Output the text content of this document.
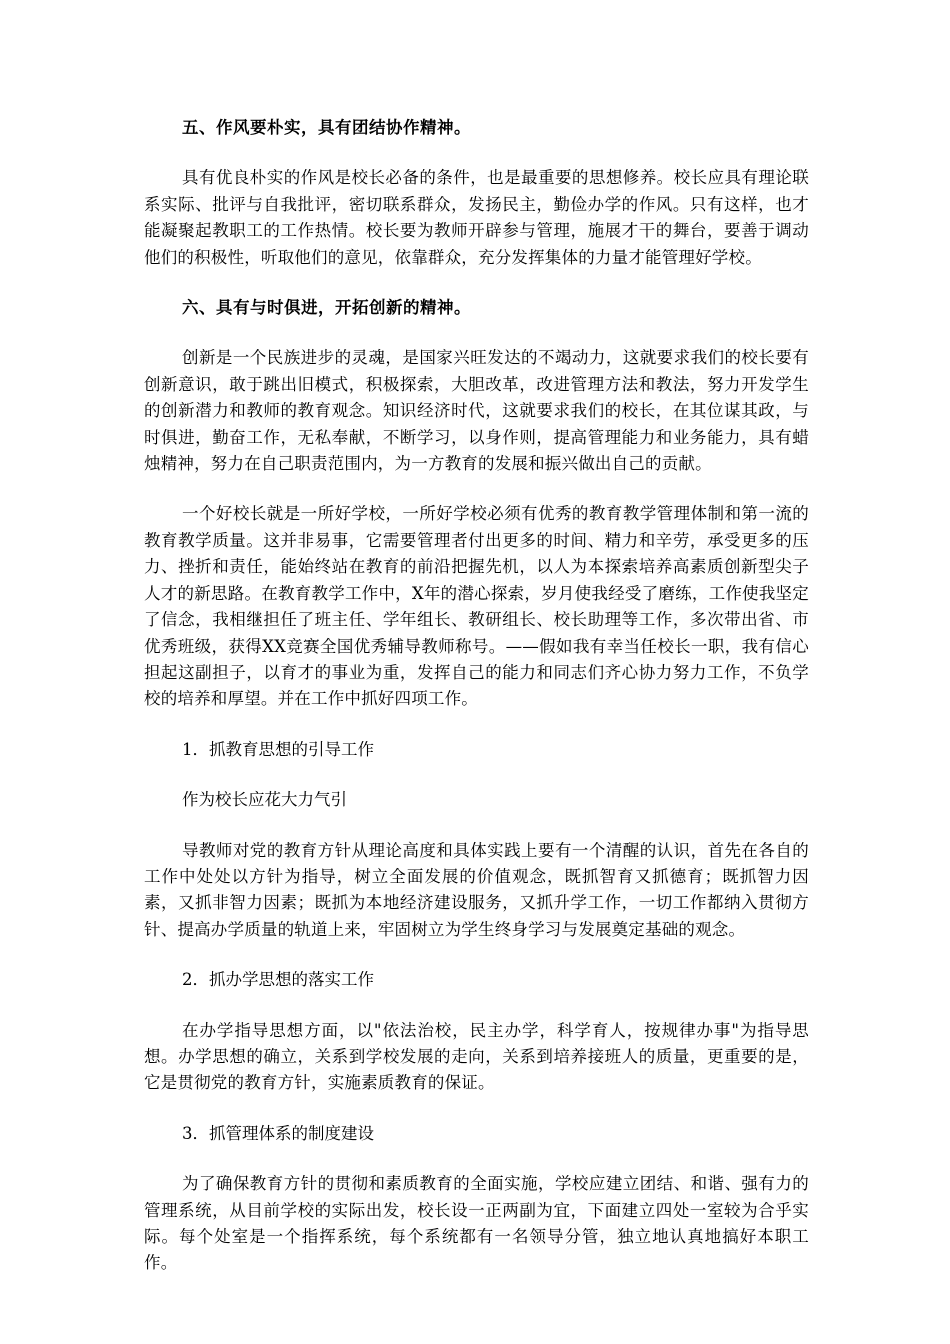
五、作风要朴实，具有团结协作精神。

具有优良朴实的作风是校长必备的条件，也是最重要的思想修养。校长应具有理论联系实际、批评与自我批评，密切联系群众，发扬民主，勤俭办学的作风。只有这样，也才能凝聚起教职工的工作热情。校长要为教师开辟参与管理，施展才干的舞台，要善于调动他们的积极性，听取他们的意见，依靠群众，充分发挥集体的力量才能管理好学校。

六、具有与时俱进，开拓创新的精神。

创新是一个民族进步的灵魂，是国家兴旺发达的不竭动力，这就要求我们的校长要有创新意识，敢于跳出旧模式，积极探索，大胆改革，改进管理方法和教法，努力开发学生的创新潜力和教师的教育观念。知识经济时代，这就要求我们的校长，在其位谋其政，与时俱进，勤奋工作，无私奉献，不断学习，以身作则，提高管理能力和业务能力，具有蜡烛精神，努力在自己职责范围内，为一方教育的发展和振兴做出自己的贡献。

一个好校长就是一所好学校，一所好学校必须有优秀的教育教学管理体制和第一流的教育教学质量。这并非易事，它需要管理者付出更多的时间、精力和辛劳，承受更多的压力、挫折和责任，能始终站在教育的前沿把握先机，以人为本探索培养高素质创新型尖子人才的新思路。在教育教学工作中，X年的潜心探索，岁月使我经受了磨练，工作使我坚定了信念，我相继担任了班主任、学年组长、教研组长、校长助理等工作，多次带出省、市优秀班级，获得XX竞赛全国优秀辅导教师称号。——假如我有幸当任校长一职，我有信心担起这副担子，以育才的事业为重，发挥自己的能力和同志们齐心协力努力工作，不负学校的培养和厚望。并在工作中抓好四项工作。

1．抓教育思想的引导工作

作为校长应花大力气引

导教师对党的教育方针从理论高度和具体实践上要有一个清醒的认识，首先在各自的工作中处处以方针为指导，树立全面发展的价值观念，既抓智育又抓德育；既抓智力因素，又抓非智力因素；既抓为本地经济建设服务，又抓升学工作，一切工作都纳入贯彻方针、提高办学质量的轨道上来，牢固树立为学生终身学习与发展奠定基础的观念。

2．抓办学思想的落实工作

在办学指导思想方面，以"依法治校，民主办学，科学育人，按规律办事"为指导思想。办学思想的确立，关系到学校发展的走向，关系到培养接班人的质量，更重要的是，它是贯彻党的教育方针，实施素质教育的保证。

3．抓管理体系的制度建设

为了确保教育方针的贯彻和素质教育的全面实施，学校应建立团结、和谐、强有力的管理系统，从目前学校的实际出发，校长设一正两副为宜，下面建立四处一室较为合乎实际。每个处室是一个指挥系统，每个系统都有一名领导分管，独立地认真地搞好本职工作。
